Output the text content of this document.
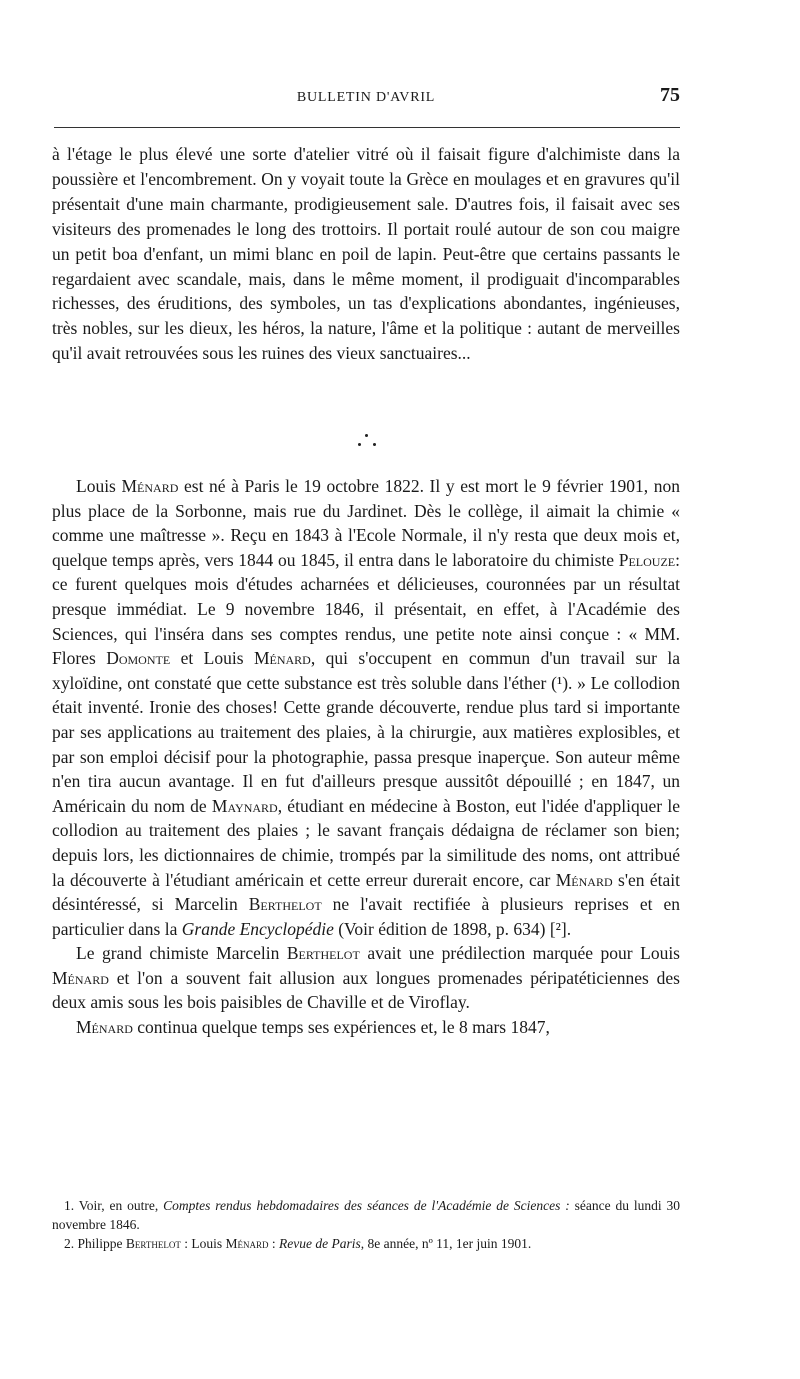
BULLETIN D'AVRIL	75

à l'étage le plus élevé une sorte d'atelier vitré où il faisait figure d'alchimiste dans la poussière et l'encombrement. On y voyait toute la Grèce en moulages et en gravures qu'il présentait d'une main charmante, prodigieusement sale. D'autres fois, il faisait avec ses visiteurs des promenades le long des trottoirs. Il portait roulé autour de son cou maigre un petit boa d'enfant, un mimi blanc en poil de lapin. Peut-être que certains passants le regardaient avec scandale, mais, dans le même moment, il prodiguait d'incomparables richesses, des éruditions, des symboles, un tas d'explications abondantes, ingénieuses, très nobles, sur les dieux, les héros, la nature, l'âme et la politique : autant de merveilles qu'il avait retrouvées sous les ruines des vieux sanctuaires...

Louis Ménard est né à Paris le 19 octobre 1822. Il y est mort le 9 février 1901, non plus place de la Sorbonne, mais rue du Jardinet. Dès le collège, il aimait la chimie « comme une maîtresse ». Reçu en 1843 à l'Ecole Normale, il n'y resta que deux mois et, quelque temps après, vers 1844 ou 1845, il entra dans le laboratoire du chimiste Pelouze: ce furent quelques mois d'études acharnées et délicieuses, couronnées par un résultat presque immédiat. Le 9 novembre 1846, il présentait, en effet, à l'Académie des Sciences, qui l'inséra dans ses comptes rendus, une petite note ainsi conçue : « MM. Flores Domonte et Louis Ménard, qui s'occupent en commun d'un travail sur la xyloïdine, ont constaté que cette substance est très soluble dans l'éther (¹). » Le collodion était inventé. Ironie des choses! Cette grande découverte, rendue plus tard si importante par ses applications au traitement des plaies, à la chirurgie, aux matières explosibles, et par son emploi décisif pour la photographie, passa presque inaperçue. Son auteur même n'en tira aucun avantage. Il en fut d'ailleurs presque aussitôt dépouillé ; en 1847, un Américain du nom de Maynard, étudiant en médecine à Boston, eut l'idée d'appliquer le collodion au traitement des plaies ; le savant français dédaigna de réclamer son bien; depuis lors, les dictionnaires de chimie, trompés par la similitude des noms, ont attribué la découverte à l'étudiant américain et cette erreur durerait encore, car Ménard s'en était désintéressé, si Marcelin Berthelot ne l'avait rectifiée à plusieurs reprises et en particulier dans la Grande Encyclopédie (Voir édition de 1898, p. 634) [²].

Le grand chimiste Marcelin Berthelot avait une prédilection marquée pour Louis Ménard et l'on a souvent fait allusion aux longues promenades péripatéticiennes des deux amis sous les bois paisibles de Chaville et de Viroflay.

Ménard continua quelque temps ses expériences et, le 8 mars 1847,

1. Voir, en outre, Comptes rendus hebdomadaires des séances de l'Académie de Sciences : séance du lundi 30 novembre 1846.

2. Philippe Berthelot : Louis Ménard : Revue de Paris, 8e année, nº 11, 1er juin 1901.
